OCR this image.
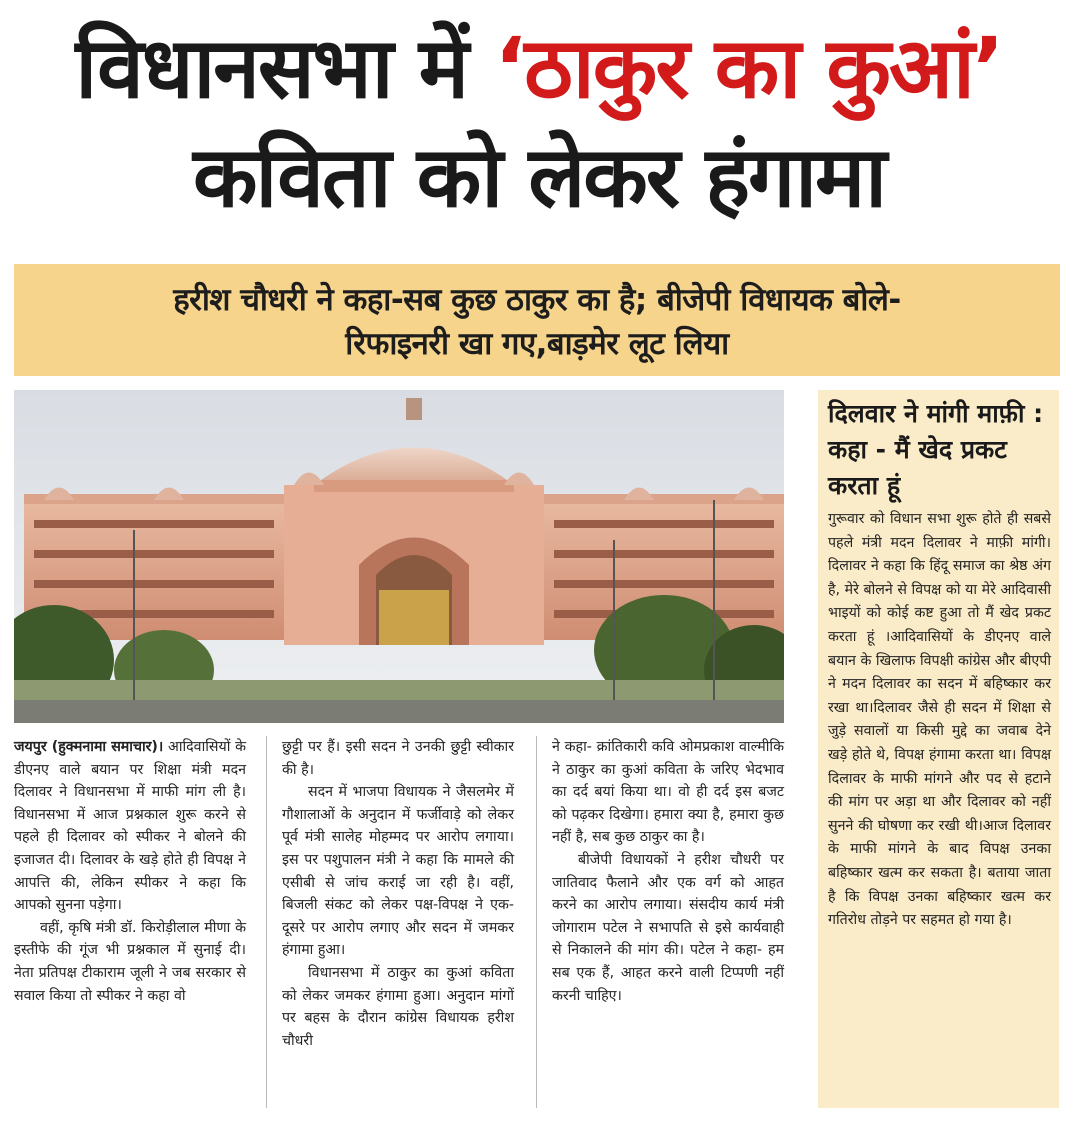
विधानसभा में ‘ठाकुर का कुआं’
कविता को लेकर हंगामा
हरीश चौधरी ने कहा-सब कुछ ठाकुर का है; बीजेपी विधायक बोले-
रिफाइनरी खा गए,बाड़मेर लूट लिया
दिलवार ने मांगी माफ़ी : कहा - मैं खेद प्रकट करता हूं
गुरूवार को विधान सभा शुरू होते ही सबसे पहले मंत्री मदन दिलावर ने माफ़ी मांगी। दिलावर ने कहा कि हिंदू समाज का श्रेष्ठ अंग है, मेरे बोलने से विपक्ष को या मेरे आदिवासी भाइयों को कोई कष्ट हुआ तो मैं खेद प्रकट करता हूं ।आदिवासियों के डीएनए वाले बयान के खिलाफ विपक्षी कांग्रेस और बीएपी ने मदन दिलावर का सदन में बहिष्कार कर रखा था।दिलावर जैसे ही सदन में शिक्षा से जुड़े सवालों या किसी मुद्दे का जवाब देने खड़े होते थे, विपक्ष हंगामा करता था। विपक्ष दिलावर के माफी मांगने और पद से हटाने की मांग पर अड़ा था और दिलावर को नहीं सुनने की घोषणा कर रखी थी।आज दिलावर के माफी मांगने के बाद विपक्ष उनका बहिष्कार खत्म कर सकता है। बताया जाता है कि विपक्ष उनका बहिष्कार खत्म कर गतिरोध तोड़ने पर सहमत हो गया है।

जयपुर (हुक्मनामा समाचार)। आदिवासियों के डीएनए वाले बयान पर शिक्षा मंत्री मदन दिलावर ने विधानसभा में माफी मांग ली है। विधानसभा में आज प्रश्नकाल शुरू करने से पहले ही दिलावर को स्पीकर ने बोलने की इजाजत दी। दिलावर के खड़े होते ही विपक्ष ने आपत्ति की, लेकिन स्पीकर ने कहा कि आपको सुनना पड़ेगा।

वहीं, कृषि मंत्री डॉ. किरोड़ीलाल मीणा के इस्तीफे की गूंज भी प्रश्नकाल में सुनाई दी। नेता प्रतिपक्ष टीकाराम जूली ने जब सरकार से सवाल किया तो स्पीकर ने कहा वो

छुट्टी पर हैं। इसी सदन ने उनकी छुट्टी स्वीकार की है।

सदन में भाजपा विधायक ने जैसलमेर में गौशालाओं के अनुदान में फर्जीवाड़े को लेकर पूर्व मंत्री सालेह मोहम्मद पर आरोप लगाया। इस पर पशुपालन मंत्री ने कहा कि मामले की एसीबी से जांच कराई जा रही है। वहीं, बिजली संकट को लेकर पक्ष-विपक्ष ने एक-दूसरे पर आरोप लगाए और सदन में जमकर हंगामा हुआ।

विधानसभा में ठाकुर का कुआं कविता को लेकर जमकर हंगामा हुआ। अनुदान मांगों पर बहस के दौरान कांग्रेस विधायक हरीश चौधरी

ने कहा- क्रांतिकारी कवि ओमप्रकाश वाल्मीकि ने ठाकुर का कुआं कविता के जरिए भेदभाव का दर्द बयां किया था। वो ही दर्द इस बजट को पढ़कर दिखेगा। हमारा क्या है, हमारा कुछ नहीं है, सब कुछ ठाकुर का है।

बीजेपी विधायकों ने हरीश चौधरी पर जातिवाद फैलाने और एक वर्ग को आहत करने का आरोप लगाया। संसदीय कार्य मंत्री जोगाराम पटेल ने सभापति से इसे कार्यवाही से निकालने की मांग की। पटेल ने कहा- हम सब एक हैं, आहत करने वाली टिप्पणी नहीं करनी चाहिए।
